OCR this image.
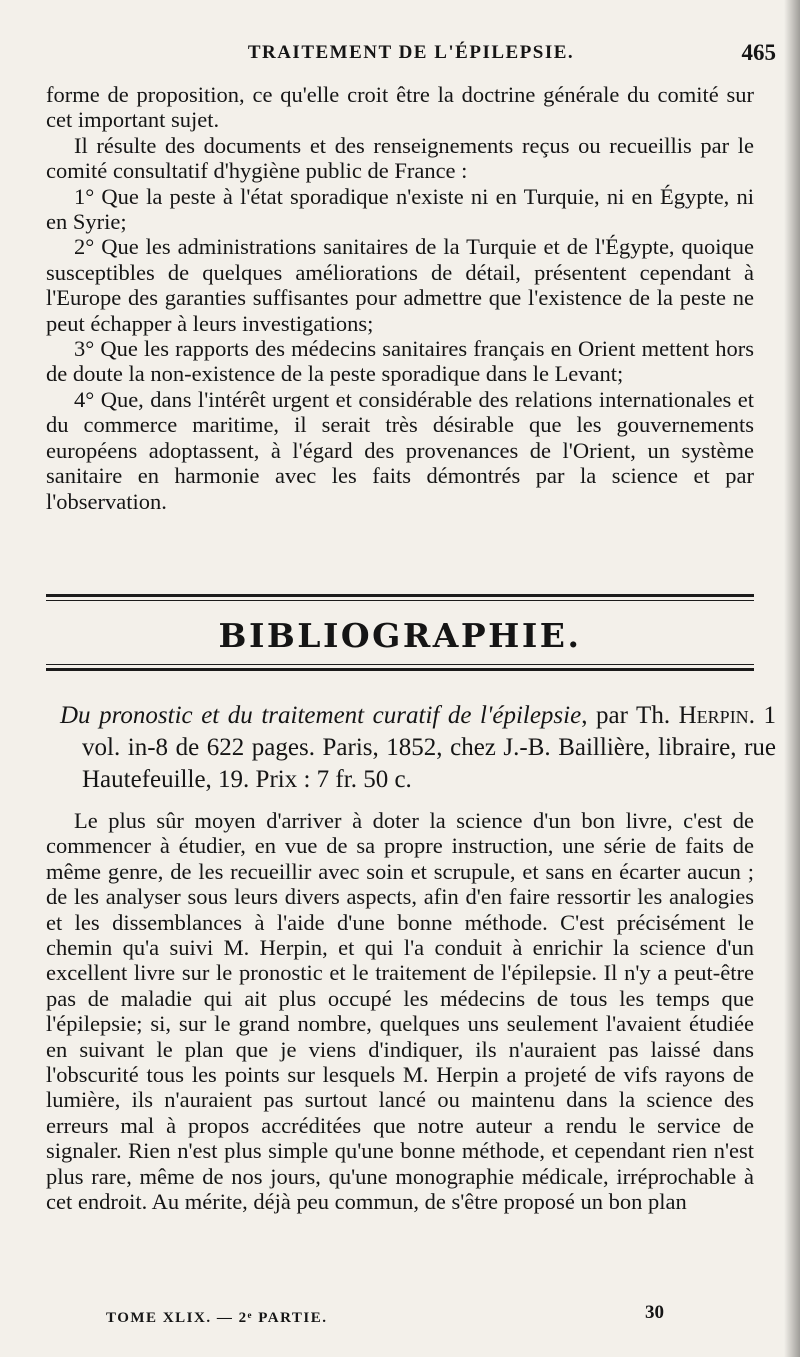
TRAITEMENT DE L'ÉPILEPSIE.	465

forme de proposition, ce qu'elle croit être la doctrine générale du comité sur cet important sujet.

Il résulte des documents et des renseignements reçus ou recueillis par le comité consultatif d'hygiène public de France :

1° Que la peste à l'état sporadique n'existe ni en Turquie, ni en Égypte, ni en Syrie;

2° Que les administrations sanitaires de la Turquie et de l'Égypte, quoique susceptibles de quelques améliorations de détail, présentent cependant à l'Europe des garanties suffisantes pour admettre que l'existence de la peste ne peut échapper à leurs investigations;

3° Que les rapports des médecins sanitaires français en Orient mettent hors de doute la non-existence de la peste sporadique dans le Levant;

4° Que, dans l'intérêt urgent et considérable des relations internationales et du commerce maritime, il serait très désirable que les gouvernements européens adoptassent, à l'égard des provenances de l'Orient, un système sanitaire en harmonie avec les faits démontrés par la science et par l'observation.

BIBLIOGRAPHIE.
Du pronostic et du traitement curatif de l'épilepsie, par Th. Herpin. 1 vol. in-8 de 622 pages. Paris, 1852, chez J.-B. Baillière, libraire, rue Hautefeuille, 19. Prix : 7 fr. 50 c.

Le plus sûr moyen d'arriver à doter la science d'un bon livre, c'est de commencer à étudier, en vue de sa propre instruction, une série de faits de même genre, de les recueillir avec soin et scrupule, et sans en écarter aucun ; de les analyser sous leurs divers aspects, afin d'en faire ressortir les analogies et les dissemblances à l'aide d'une bonne méthode. C'est précisément le chemin qu'a suivi M. Herpin, et qui l'a conduit à enrichir la science d'un excellent livre sur le pronostic et le traitement de l'épilepsie. Il n'y a peut-être pas de maladie qui ait plus occupé les médecins de tous les temps que l'épilepsie; si, sur le grand nombre, quelques uns seulement l'avaient étudiée en suivant le plan que je viens d'indiquer, ils n'auraient pas laissé dans l'obscurité tous les points sur lesquels M. Herpin a projeté de vifs rayons de lumière, ils n'auraient pas surtout lancé ou maintenu dans la science des erreurs mal à propos accréditées que notre auteur a rendu le service de signaler. Rien n'est plus simple qu'une bonne méthode, et cependant rien n'est plus rare, même de nos jours, qu'une monographie médicale, irréprochable à cet endroit. Au mérite, déjà peu commun, de s'être proposé un bon plan

TOME XLIX. — 2ᵉ PARTIE.	30
